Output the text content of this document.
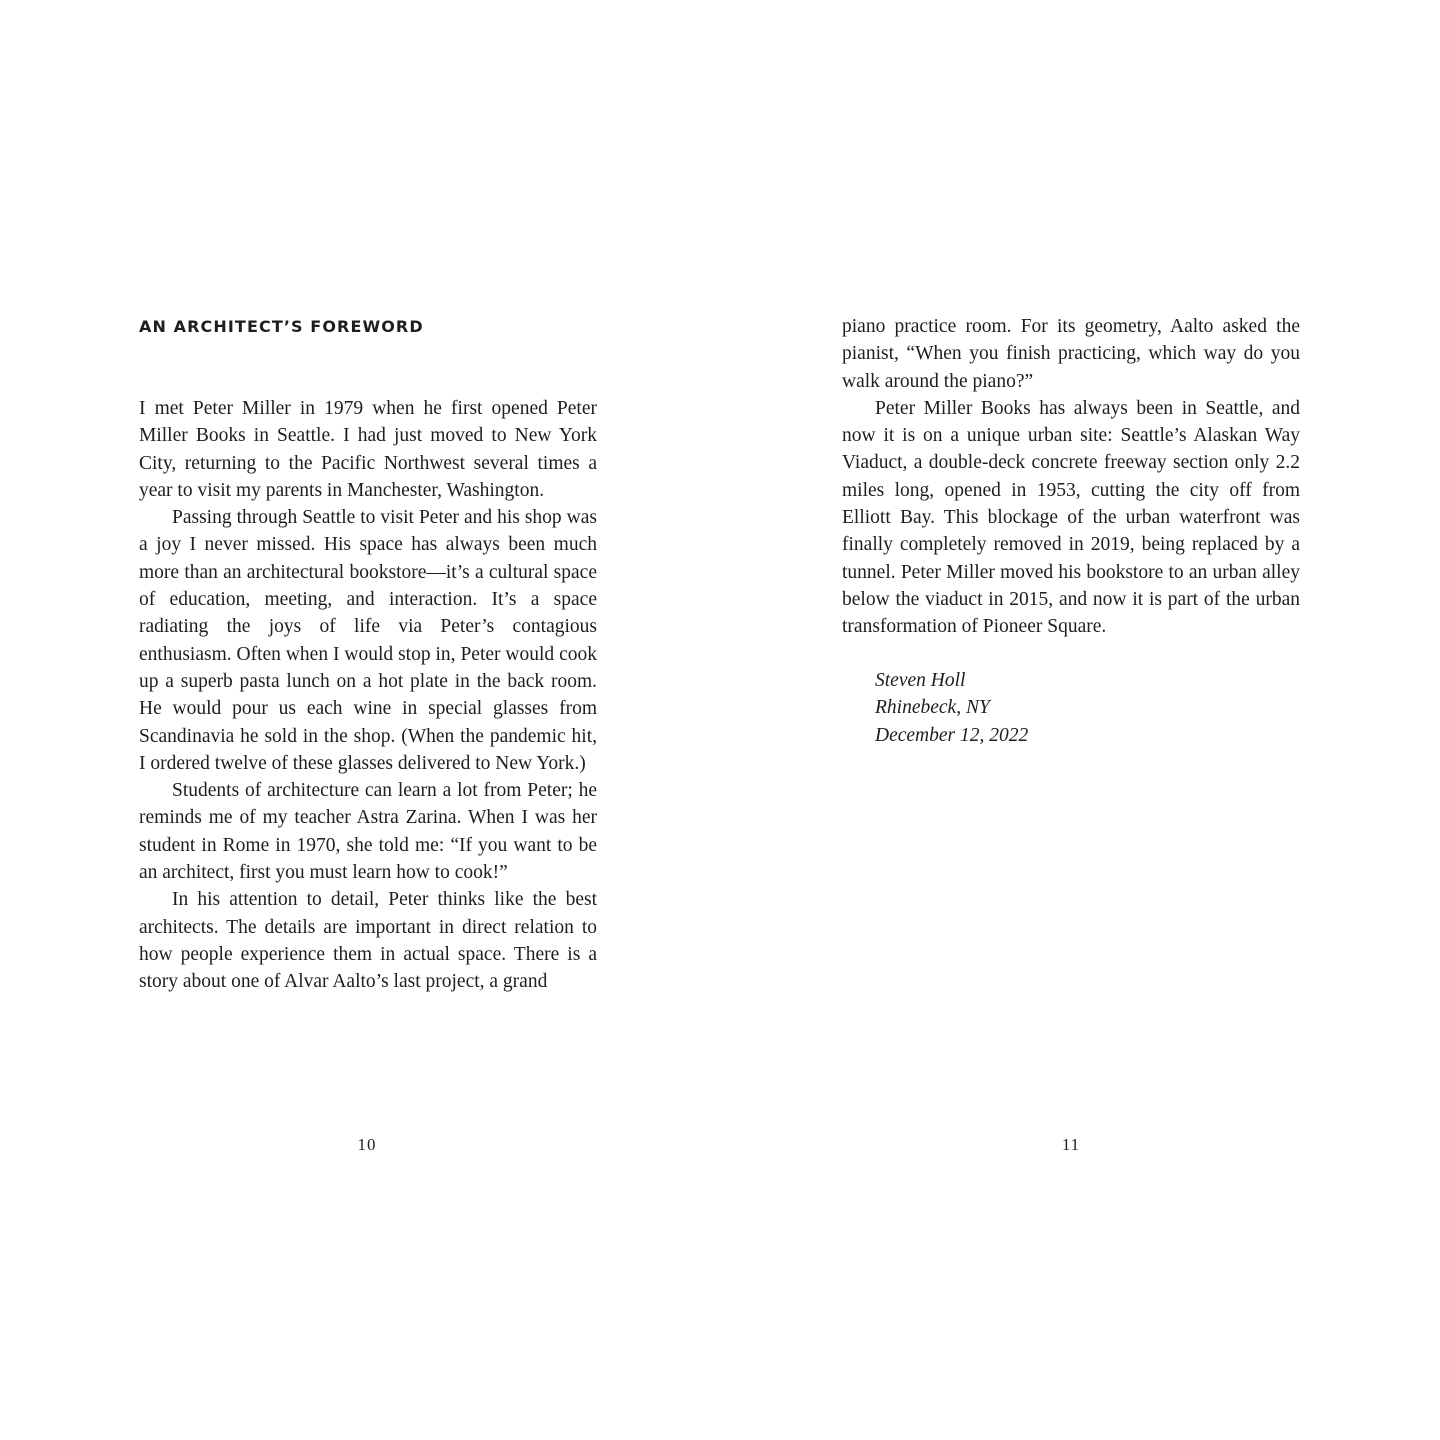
AN ARCHITECT’S FOREWORD

I met Peter Miller in 1979 when he first opened Peter Miller Books in Seattle. I had just moved to New York City, returning to the Pacific Northwest several times a year to visit my parents in Manchester, Washington.

Passing through Seattle to visit Peter and his shop was a joy I never missed. His space has always been much more than an architectural bookstore—it’s a cultural space of education, meeting, and interaction. It’s a space radiating the joys of life via Peter’s contagious enthusiasm. Often when I would stop in, Peter would cook up a superb pasta lunch on a hot plate in the back room. He would pour us each wine in special glasses from Scandinavia he sold in the shop. (When the pandemic hit, I ordered twelve of these glasses delivered to New York.)

Students of architecture can learn a lot from Peter; he reminds me of my teacher Astra Zarina. When I was her student in Rome in 1970, she told me: “If you want to be an architect, first you must learn how to cook!”

In his attention to detail, Peter thinks like the best architects. The details are important in direct relation to how people experience them in actual space. There is a story about one of Alvar Aalto’s last project, a grand

10

piano practice room. For its geometry, Aalto asked the pianist, “When you finish practicing, which way do you walk around the piano?”

Peter Miller Books has always been in Seattle, and now it is on a unique urban site: Seattle’s Alaskan Way Viaduct, a double-deck concrete freeway section only 2.2 miles long, opened in 1953, cutting the city off from Elliott Bay. This blockage of the urban waterfront was finally completely removed in 2019, being replaced by a tunnel. Peter Miller moved his bookstore to an urban alley below the viaduct in 2015, and now it is part of the urban transformation of Pioneer Square.

Steven Holl
Rhinebeck, NY
December 12, 2022
11
